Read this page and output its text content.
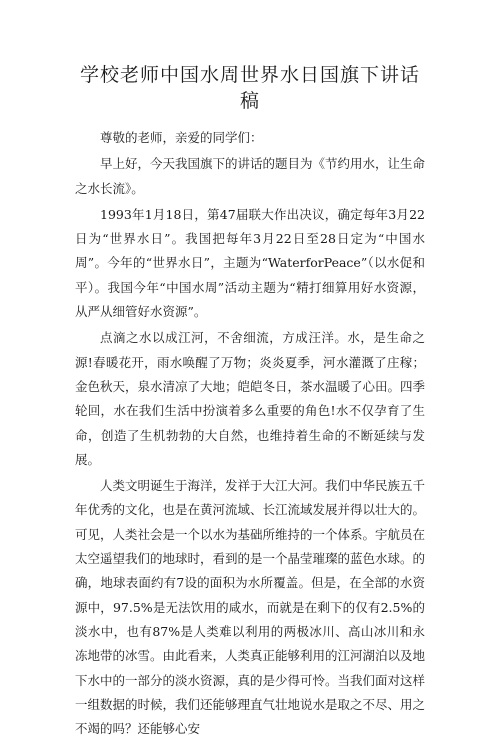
学校老师中国水周世界水日国旗下讲话稿

尊敬的老师，亲爱的同学们：

早上好，今天我国旗下的讲话的题目为《节约用水，让生命之水长流》。

1993年1月18日，第47届联大作出决议，确定每年3月22日为“世界水日”。我国把每年3月22日至28日定为“中国水周”。今年的“世界水日”，主题为“WaterforPeace”（以水促和平）。我国今年“中国水周”活动主题为“精打细算用好水资源，从严从细管好水资源”。

点滴之水以成江河，不舍细流，方成汪洋。水，是生命之源!春暖花开，雨水唤醒了万物；炎炎夏季，河水灌溉了庄稼；金色秋天，泉水清凉了大地；皑皑冬日，茶水温暖了心田。四季轮回，水在我们生活中扮演着多么重要的角色!水不仅孕育了生命，创造了生机勃勃的大自然，也维持着生命的不断延续与发展。

人类文明诞生于海洋，发祥于大江大河。我们中华民族五千年优秀的文化，也是在黄河流域、长江流域发展并得以壮大的。可见，人类社会是一个以水为基础所维持的一个体系。宇航员在太空遥望我们的地球时，看到的是一个晶莹璀璨的蓝色水球。的确，地球表面约有7设的面积为水所覆盖。但是，在全部的水资源中，97.5%是无法饮用的咸水，而就是在剩下的仅有2.5%的淡水中，也有87%是人类难以利用的两极冰川、高山冰川和永冻地带的冰雪。由此看来，人类真正能够利用的江河湖泊以及地下水中的一部分的淡水资源，真的是少得可怜。当我们面对这样一组数据的时候，我们还能够理直气壮地说水是取之不尽、用之不竭的吗？还能够心安
